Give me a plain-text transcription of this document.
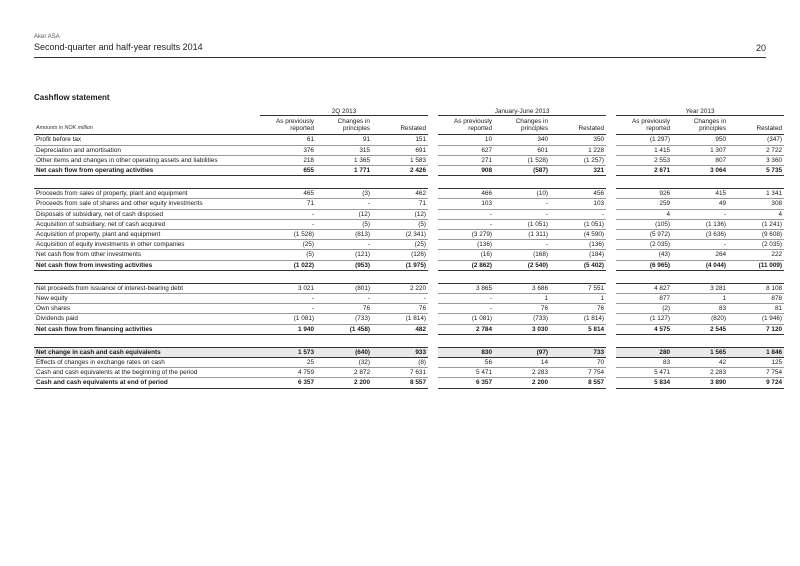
Aker ASA
Second-quarter and half-year results 2014	20
Cashflow statement
	2Q 2013				January-June 2013				Year 2013		
Amounts in NOK million	As previously reported	Changes in principles	Restated		As previously reported	Changes in principles	Restated		As previously reported	Changes in principles	Restated
Profit before tax	61	91	151		10	340	350		(1 297)	950	(347)
Depreciation and amortisation	376	315	691		627	601	1 228		1 415	1 307	2 722
Other items and changes in other operating assets and liabilities	218	1 365	1 583		271	(1 528)	(1 257)		2 553	807	3 360
Net cash flow from operating activities	655	1 771	2 426		908	(587)	321		2 671	3 064	5 735

Proceeds from sales of property, plant and equipment	465	(3)	462		466	(10)	456		926	415	1 341
Proceeds from sale of shares and other equity investments	71	-	71		103	-	103		259	49	308
Disposals of subsidiary, net of cash disposed	-	(12)	(12)		-	-	-		4	-	4
Acquisition of subsidiary, net of cash acquired	-	(5)	(5)		-	(1 051)	(1 051)		(105)	(1 136)	(1 241)
Acquisition of property, plant and equipment	(1 528)	(813)	(2 341)		(3 279)	(1 311)	(4 590)		(5 972)	(3 636)	(9 608)
Acquisition of equity investments in other companies	(25)	-	(25)		(136)	-	(136)		(2 035)	-	(2 035)
Net cash flow from other investments	(5)	(121)	(126)		(16)	(168)	(184)		(43)	264	222
Net cash flow from investing activities	(1 022)	(953)	(1 975)		(2 862)	(2 540)	(5 402)		(6 965)	(4 044)	(11 009)

Net proceeds from issuance of interest-bearing debt	3 021	(801)	2 220		3 865	3 686	7 551		4 827	3 281	8 108
New equity	-	-	-		-	1	1		877	1	878
Own shares	-	76	76		-	76	76		(2)	83	81
Dividends paid	(1 081)	(733)	(1 814)		(1 081)	(733)	(1 814)		(1 127)	(820)	(1 946)
Net cash flow from financing activities	1 940	(1 458)	482		2 784	3 030	5 814		4 575	2 545	7 120

Net change in cash and cash equivalents	1 573	(640)	933		830	(97)	733		280	1 565	1 846
Effects of changes in exchange rates on cash	25	(32)	(8)		56	14	70		83	42	125
Cash and cash equivalents at the beginning of the period	4 759	2 872	7 631		5 471	2 283	7 754		5 471	2 283	7 754
Cash and cash equivalents at end of period	6 357	2 200	8 557		6 357	2 200	8 557		5 834	3 890	9 724
